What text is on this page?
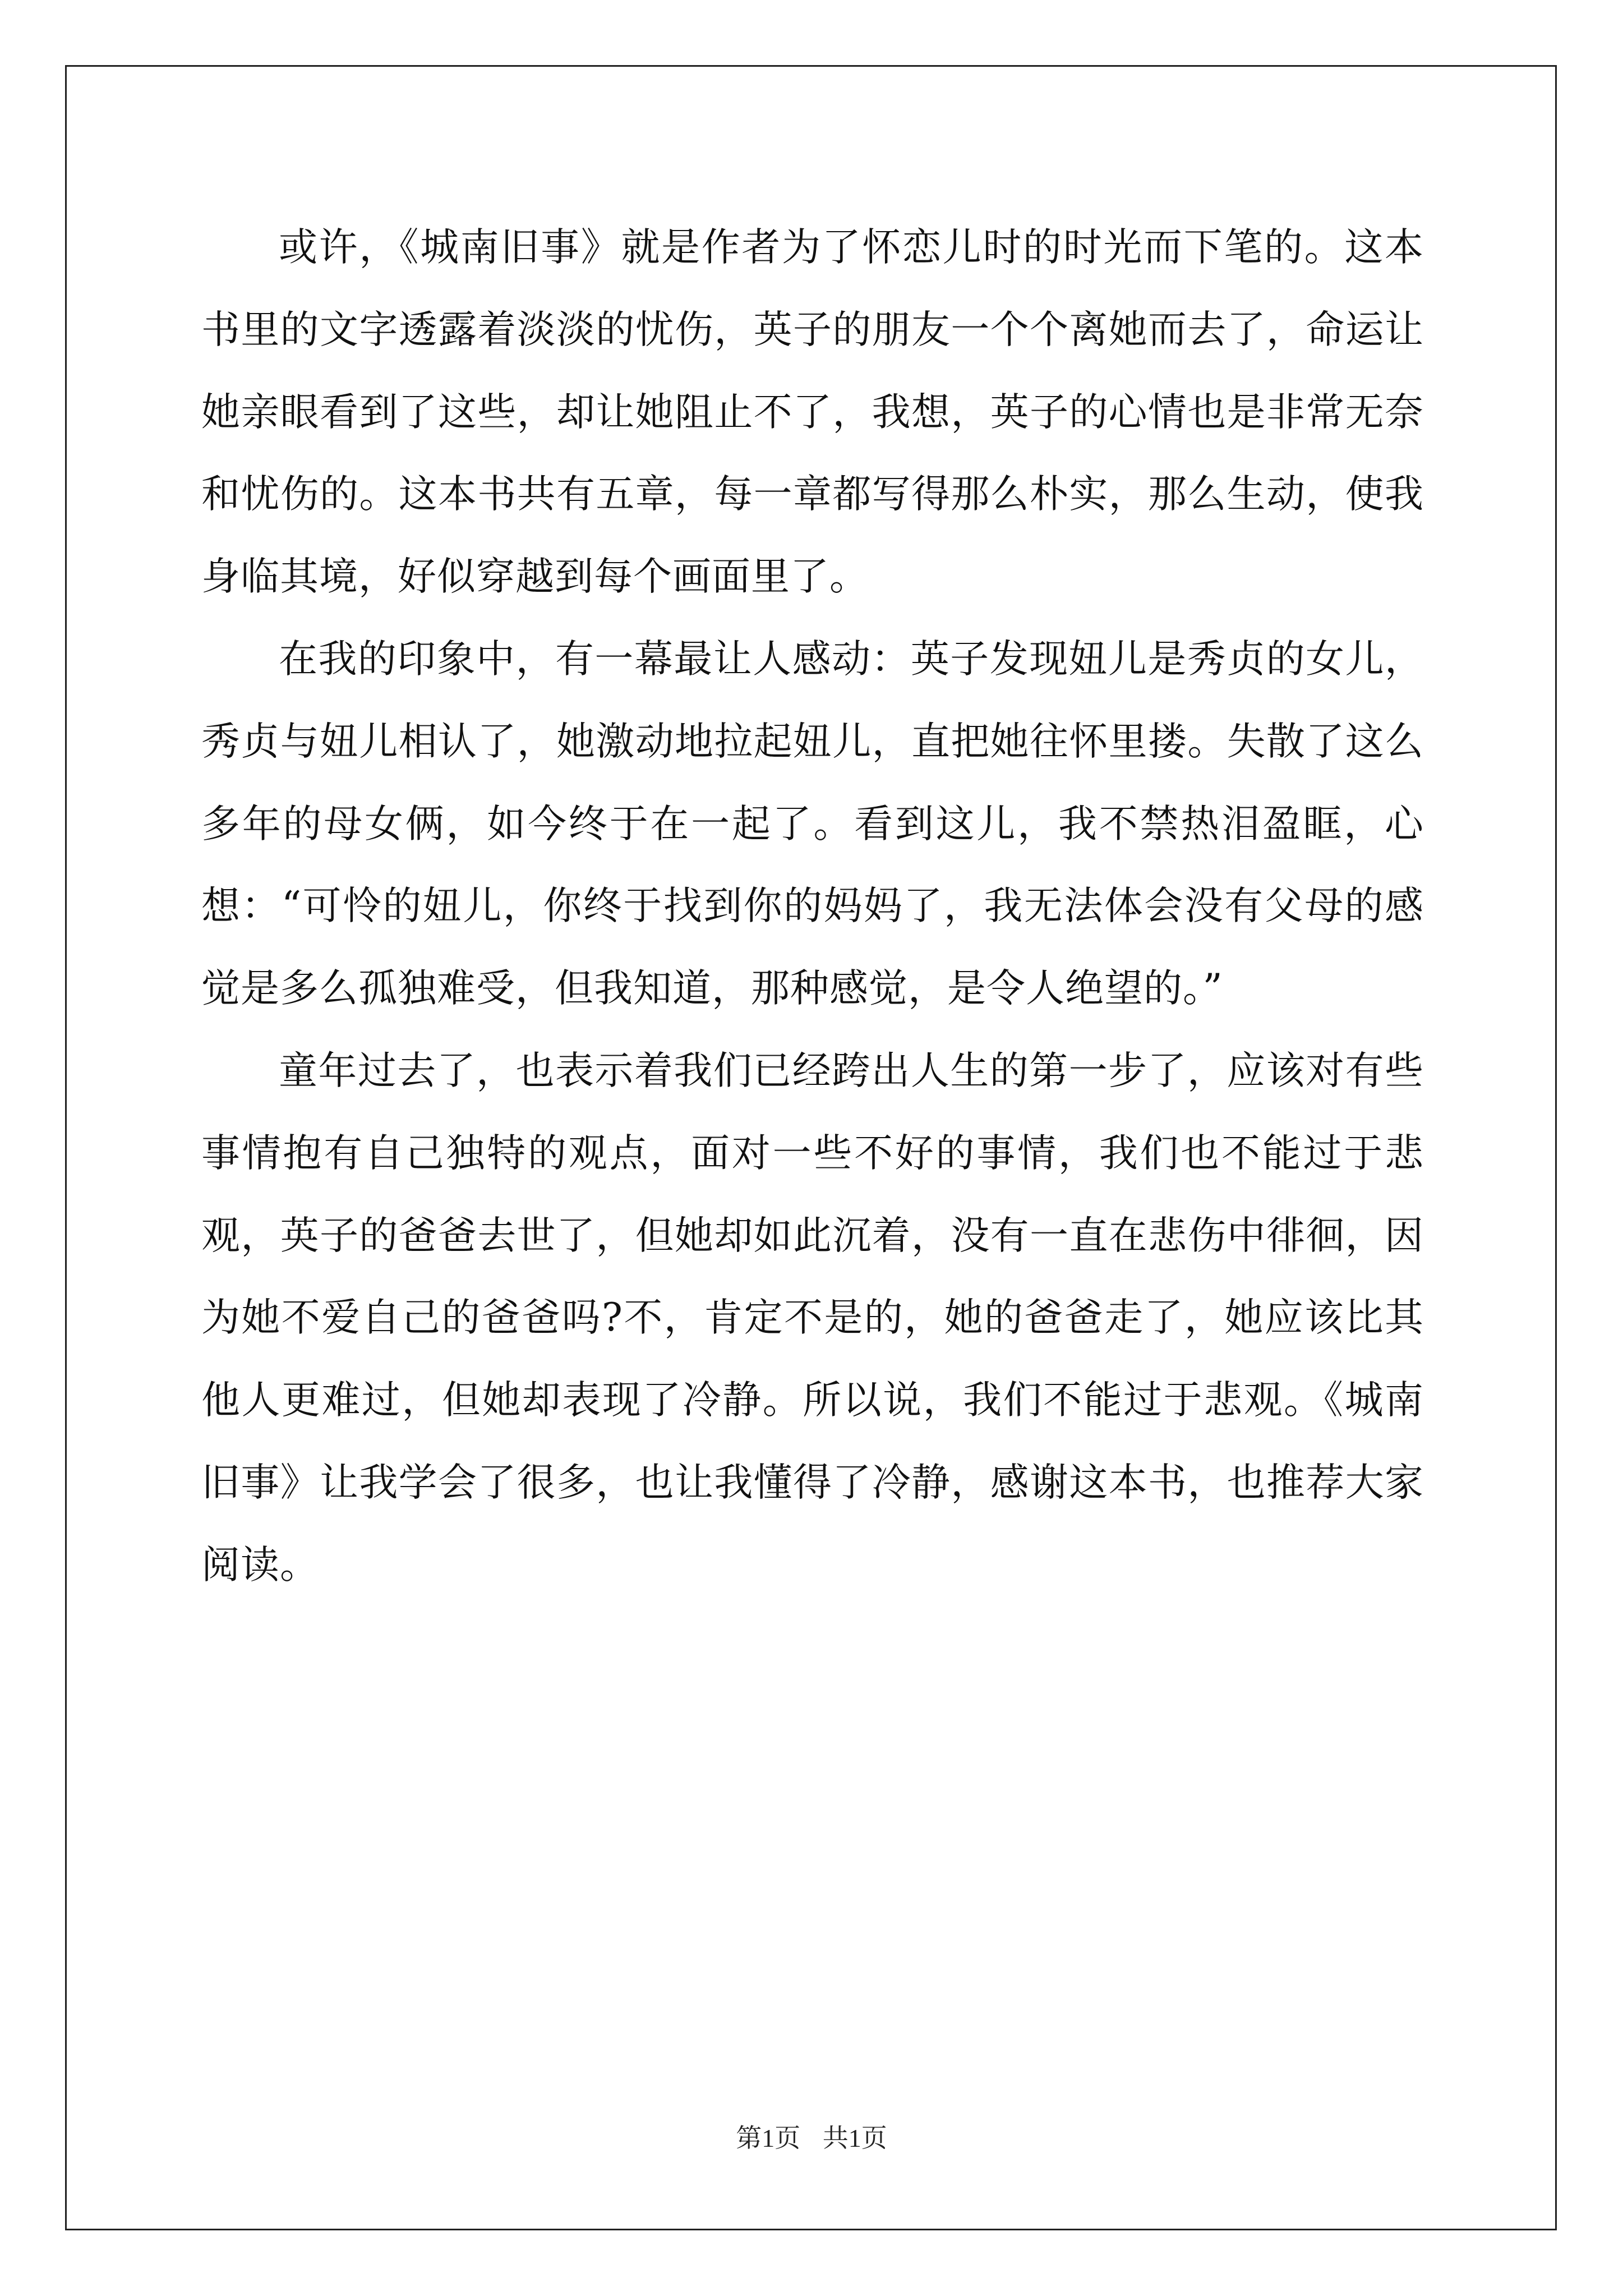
或许，《城南旧事》就是作者为了怀恋儿时的时光而下笔的。这本书里的文字透露着淡淡的忧伤，英子的朋友一个个离她而去了，命运让她亲眼看到了这些，却让她阻止不了，我想，英子的心情也是非常无奈和忧伤的。这本书共有五章，每一章都写得那么朴实，那么生动，使我身临其境，好似穿越到每个画面里了。

在我的印象中，有一幕最让人感动：英子发现妞儿是秀贞的女儿，秀贞与妞儿相认了，她激动地拉起妞儿，直把她往怀里搂。失散了这么多年的母女俩，如今终于在一起了。看到这儿，我不禁热泪盈眶，心想：“可怜的妞儿，你终于找到你的妈妈了，我无法体会没有父母的感觉是多么孤独难受，但我知道，那种感觉，是令人绝望的。”

童年过去了，也表示着我们已经跨出人生的第一步了，应该对有些事情抱有自己独特的观点，面对一些不好的事情，我们也不能过于悲观，英子的爸爸去世了，但她却如此沉着，没有一直在悲伤中徘徊，因为她不爱自己的爸爸吗?不，肯定不是的，她的爸爸走了，她应该比其他人更难过，但她却表现了冷静。所以说，我们不能过于悲观。《城南旧事》让我学会了很多，也让我懂得了冷静，感谢这本书，也推荐大家阅读。

第1页 共1页
